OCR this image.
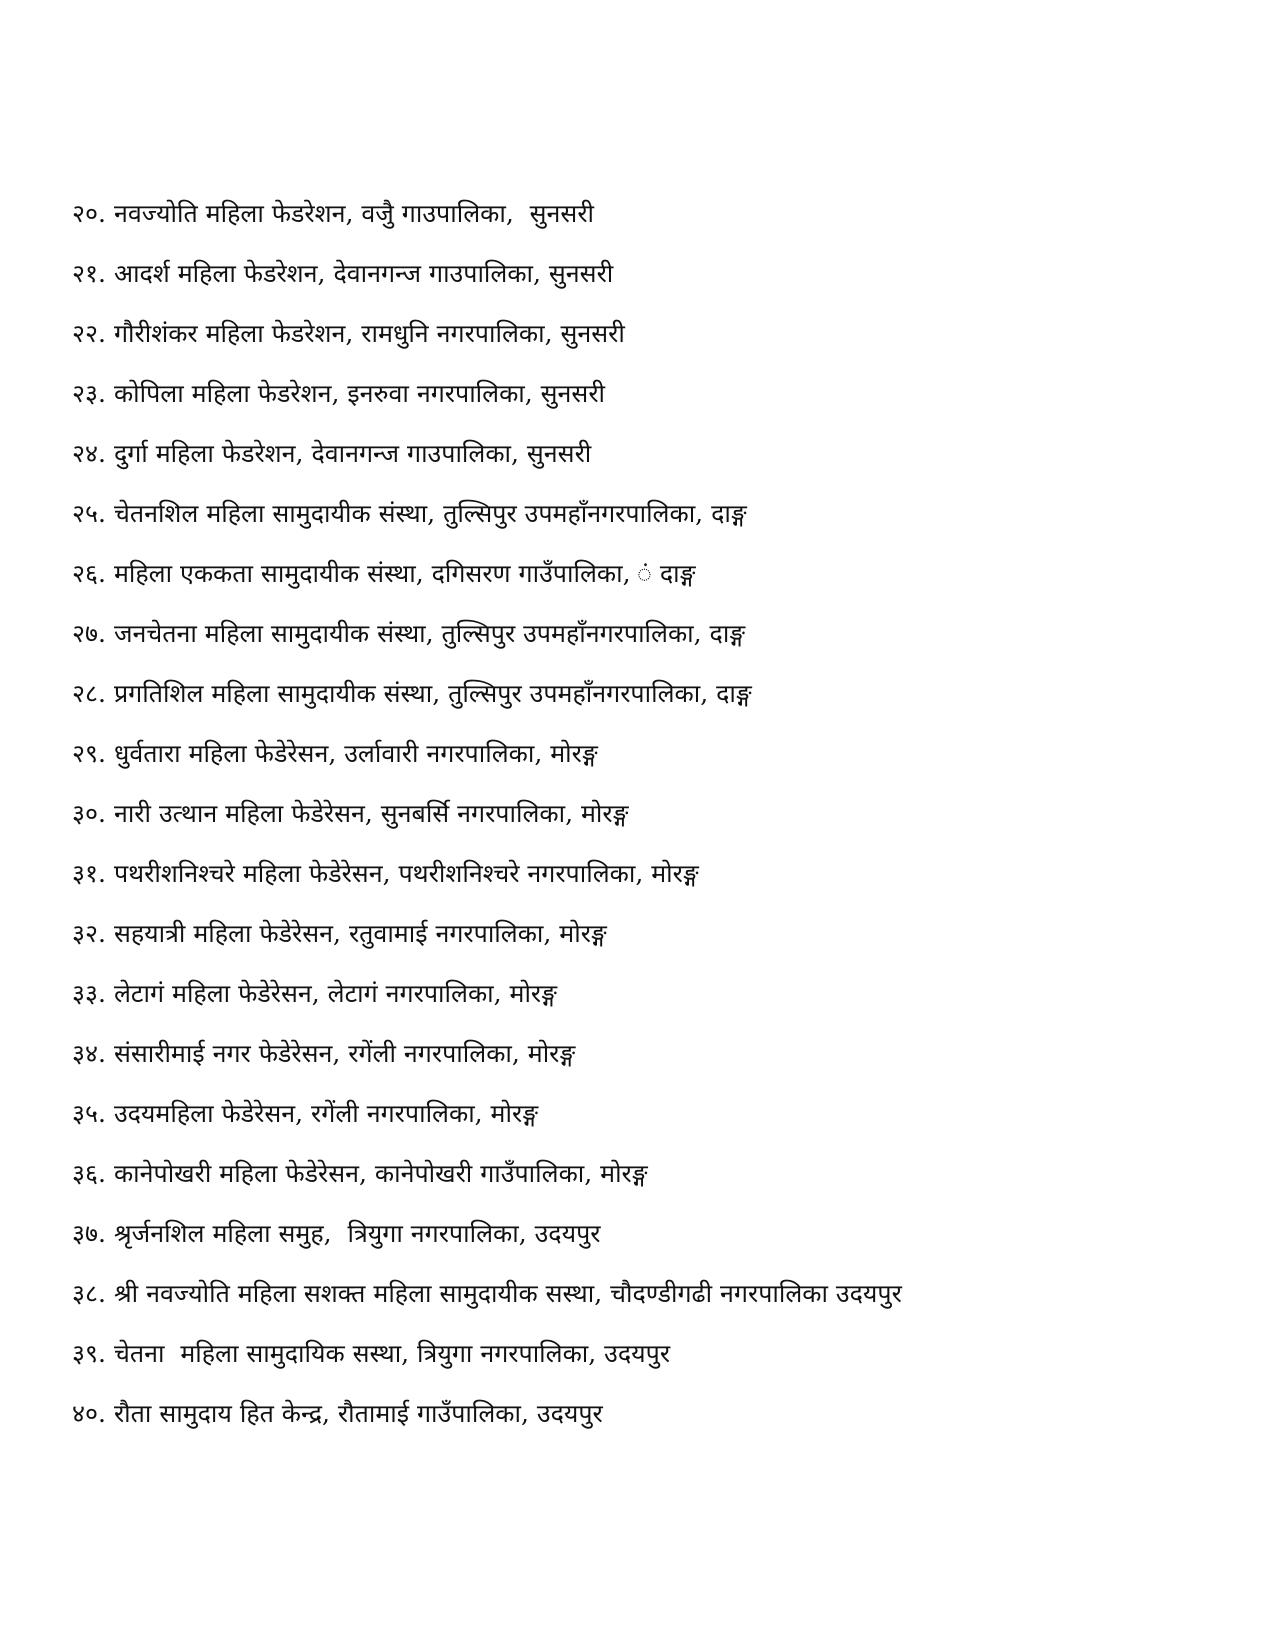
२०. नवज्योति महिला फेडरेशन, वजैु गाउपालिका,  सुनसरी
२१. आदर्श महिला फेडरेशन, देवानगन्ज गाउपालिका, सुनसरी
२२. गौरीशंकर महिला फेडरेशन, रामधुनि नगरपालिका, सुनसरी
२३. कोपिला महिला फेडरेशन, इनरुवा नगरपालिका, सुनसरी
२४. दुर्गा महिला फेडरेशन, देवानगन्ज गाउपालिका, सुनसरी
२५. चेतनशिल महिला सामुदायीक संस्था, तुल्सिपुर उपमहाँनगरपालिका, दाङ्ग
२६. महिला एककता सामुदायीक संस्था, दगिसरण गाउँपालिका, ं दाङ्ग
२७. जनचेतना महिला सामुदायीक संस्था, तुल्सिपुर उपमहाँनगरपालिका, दाङ्ग
२८. प्रगतिशिल महिला सामुदायीक संस्था, तुल्सिपुर उपमहाँनगरपालिका, दाङ्ग
२९. धुर्वतारा महिला फेडेरेसन, उर्लावारी नगरपालिका, मोरङ्ग
३०. नारी उत्थान महिला फेडेरेसन, सुनबर्सि नगरपालिका, मोरङ्ग
३१. पथरीशनिश्चरे महिला फेडेरेसन, पथरीशनिश्चरे नगरपालिका, मोरङ्ग
३२. सहयात्री महिला फेडेरेसन, रतुवामाई नगरपालिका, मोरङ्ग
३३. लेटागं महिला फेडेरेसन, लेटागं नगरपालिका, मोरङ्ग
३४. संसारीमाई नगर फेडेरेसन, रगेंली नगरपालिका, मोरङ्ग
३५. उदयमहिला फेडेरेसन, रगेंली नगरपालिका, मोरङ्ग
३६. कानेपोखरी महिला फेडेरेसन, कानेपोखरी गाउँपालिका, मोरङ्ग
३७. श्रृर्जनशिल महिला समुह,  त्रियुगा नगरपालिका, उदयपुर
३८. श्री नवज्योति महिला सशक्त महिला सामुदायीक सस्था, चौदण्डीगढी नगरपालिका उदयपुर
३९. चेतना  महिला सामुदायिक सस्था, त्रियुगा नगरपालिका, उदयपुर
४०. रौता सामुदाय हित केन्द्र, रौतामाई गाउँपालिका, उदयपुर
